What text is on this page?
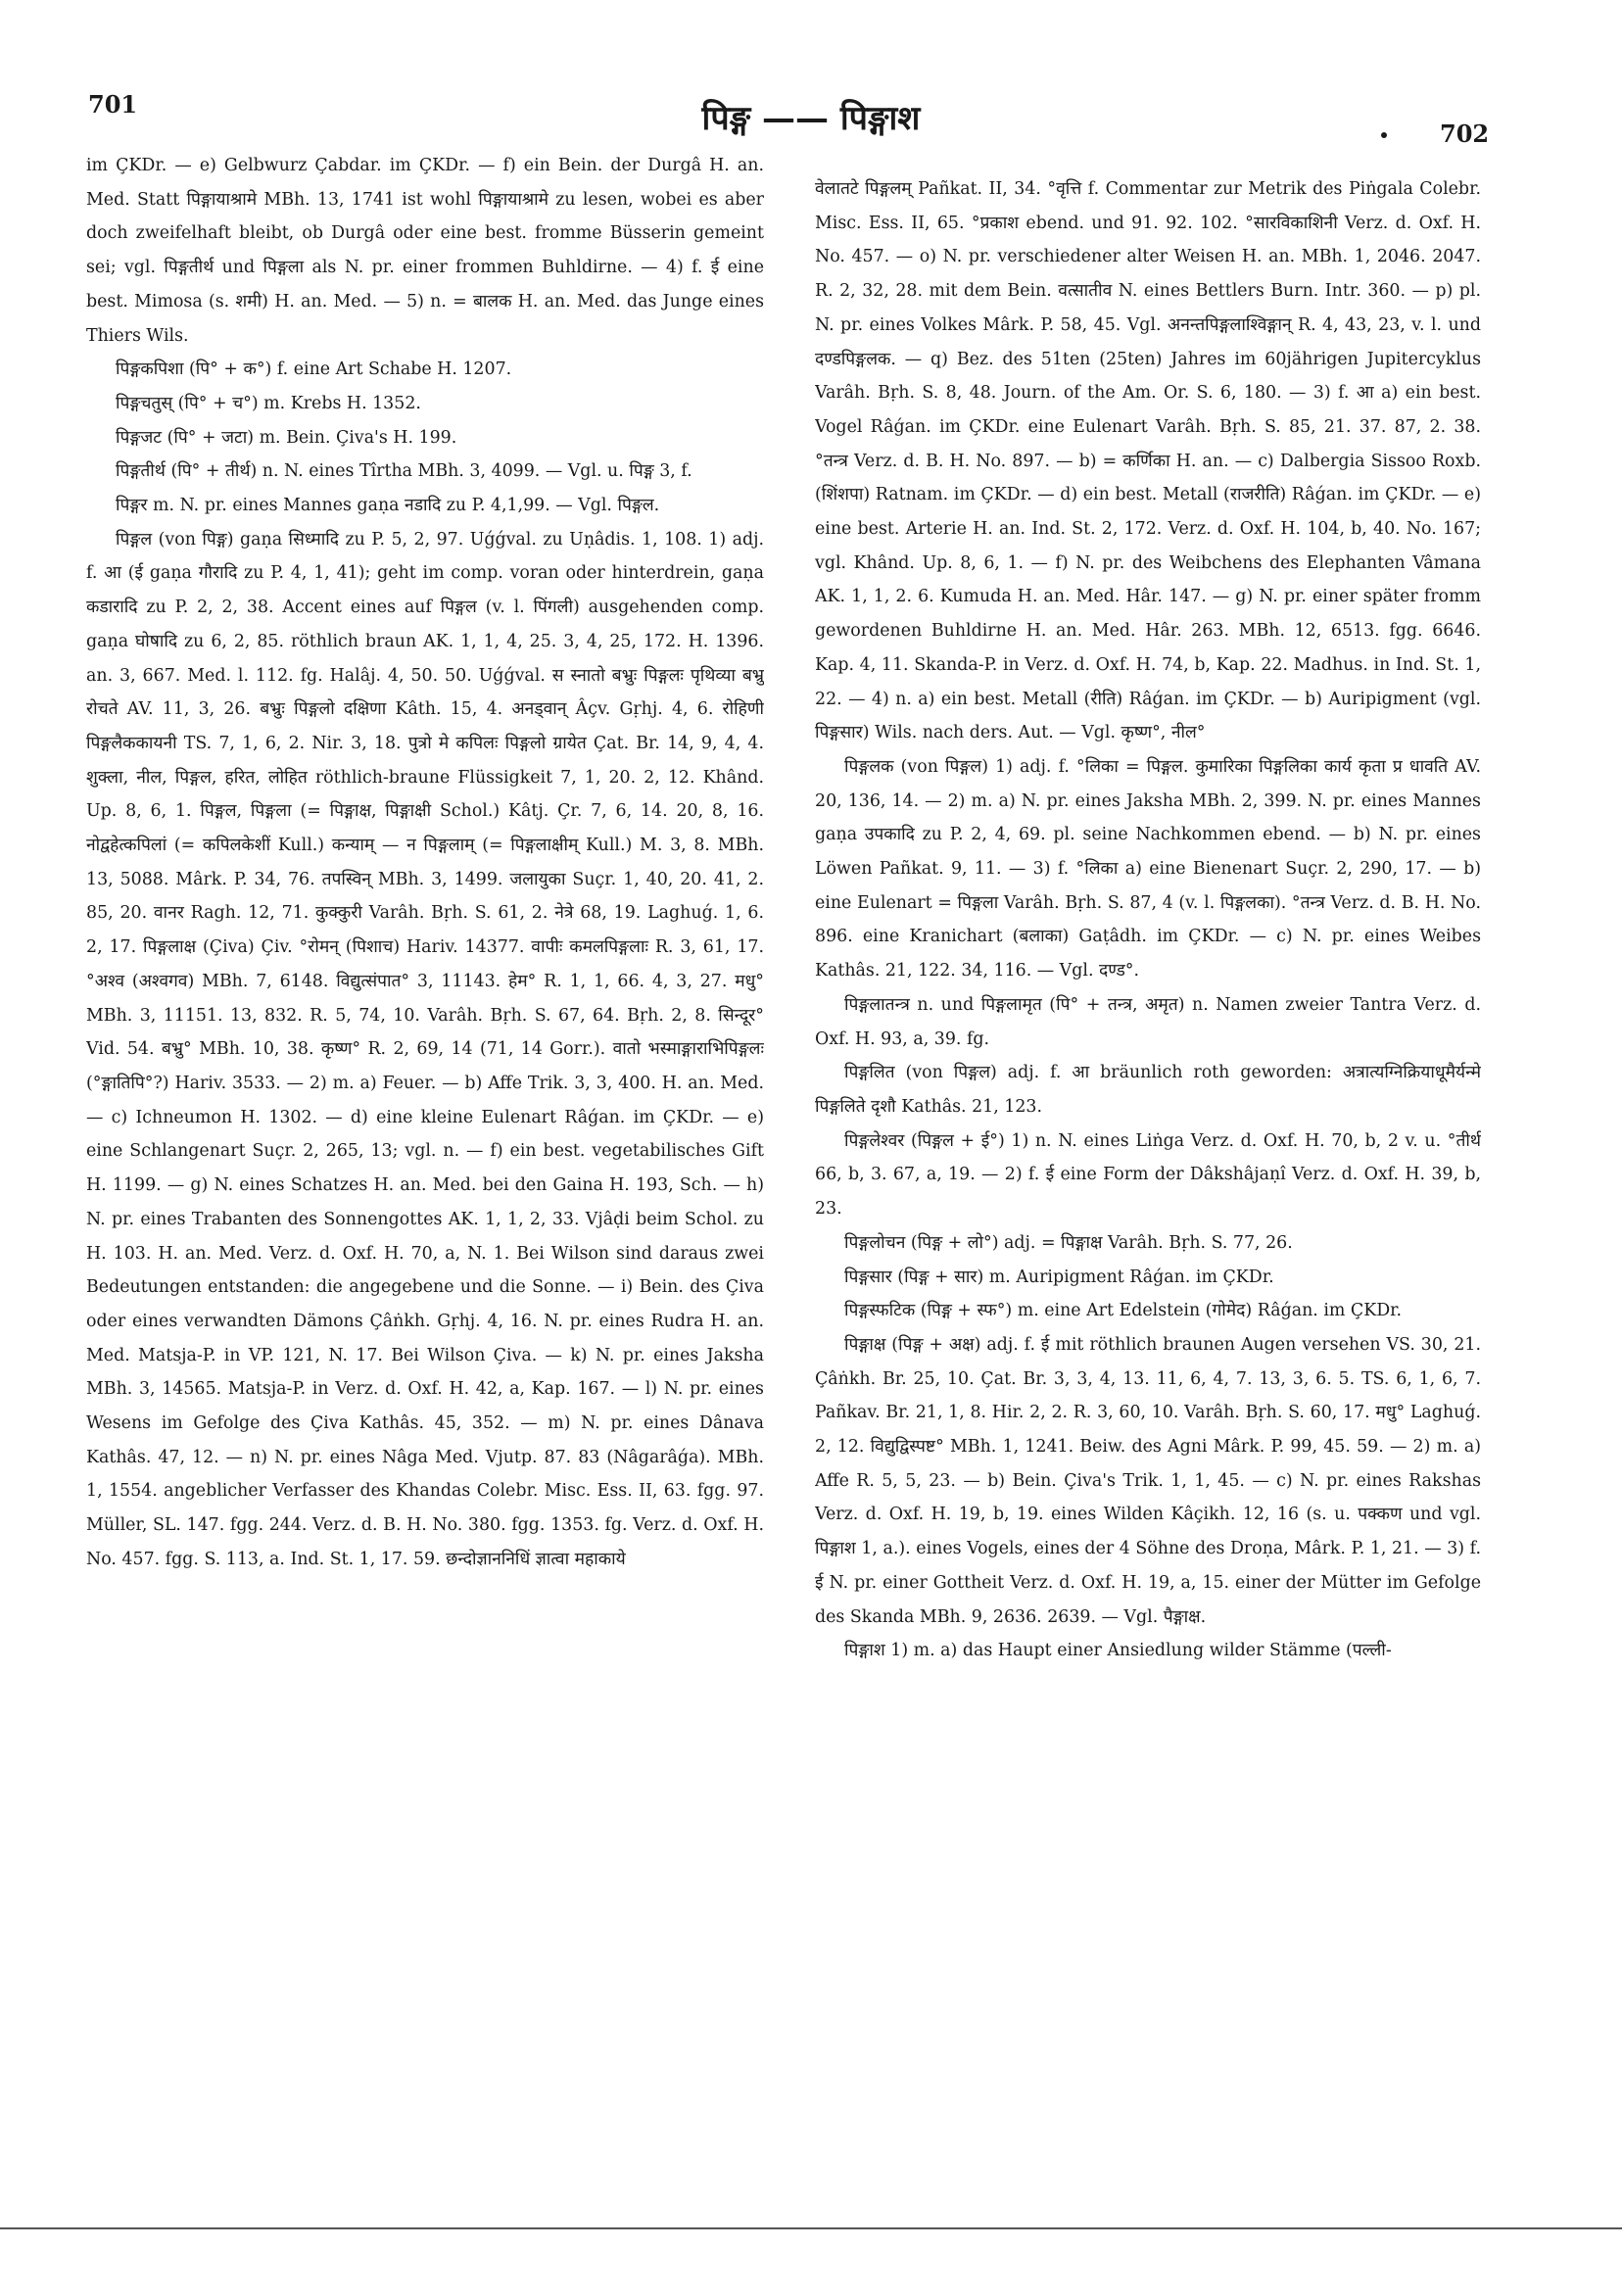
701	पिङ्ग —— पिङ्गाश	702

im ÇKDr. — e) Gelbwurz Çabdar. im ÇKDr. — f) ein Bein. der Durgâ H. an. Med. Statt पिङ्गायाश्रामे MBh. 13, 1741 ist wohl पिङ्गायाश्रामे zu lesen, wobei es aber doch zweifelhaft bleibt, ob Durgâ oder eine best. fromme Büsserin gemeint sei; vgl. पिङ्गतीर्थ und पिङ्गला als N. pr. einer frommen Buhldirne. — 4) f. ई eine best. Mimosa (s. शमी) H. an. Med. — 5) n. = बालक H. an. Med. das Junge eines Thiers Wils.

पिङ्गकपिशा (पि° + क°) f. eine Art Schabe H. 1207.

पिङ्गचतुस् (पि° + च°) m. Krebs H. 1352.

पिङ्गजट (पि° + जटा) m. Bein. Çiva's H. 199.

पिङ्गतीर्थ (पि° + तीर्थ) n. N. eines Tîrtha MBh. 3, 4099. — Vgl. u. पिङ्ग 3, f.

पिङ्गर m. N. pr. eines Mannes gaṇa नडादि zu P. 4,1,99. — Vgl. पिङ्गल.

पिङ्गल (von पिङ्ग) gaṇa सिध्मादि zu P. 5, 2, 97. Uǵǵval. zu Uṇâdis. 1, 108. 1) adj. f. आ (ई gaṇa गौरादि zu P. 4, 1, 41); geht im comp. voran oder hinterdrein, gaṇa कडारादि zu P. 2, 2, 38. Accent eines auf पिङ्गल (v. l. पिंगली) ausgehenden comp. gaṇa घोषादि zu 6, 2, 85. röthlich braun AK. 1, 1, 4, 25. 3, 4, 25, 172. H. 1396. an. 3, 667. Med. l. 112. fg. Halâj. 4, 50. 50. Uǵǵval. स स्नातो बभ्रुः पिङ्गलः पृथिव्या बभ्रु रोचते AV. 11, 3, 26. बभ्रुः पिङ्गलो दक्षिणा Kâth. 15, 4. अनड्वान् Âçv. Gṛhj. 4, 6. रोहिणी पिङ्गलैककायनी TS. 7, 1, 6, 2. Nir. 3, 18. पुत्रो मे कपिलः पिङ्गलो ग्रायेत Çat. Br. 14, 9, 4, 4. शुक्ला, नील, पिङ्गल, हरित, लोहित röthlich-braune Flüssigkeit 7, 1, 20. 2, 12. Khând. Up. 8, 6, 1. पिङ्गल, पिङ्गला (= पिङ्गाक्ष, पिङ्गाक्षी Schol.) Kâtj. Çr. 7, 6, 14. 20, 8, 16. नोद्वहेत्कपिलां (= कपिलकेशीं Kull.) कन्याम् — न पिङ्गलाम् (= पिङ्गलाक्षीम् Kull.) M. 3, 8. MBh. 13, 5088. Mârk. P. 34, 76. तपस्विन् MBh. 3, 1499. जलायुका Suçr. 1, 40, 20. 41, 2. 85, 20. वानर Ragh. 12, 71. कुक्कुरी Varâh. Bṛh. S. 61, 2. नेत्रे 68, 19. Laghuǵ. 1, 6. 2, 17. पिङ्गलाक्ष (Çiva) Çiv. °रोमन् (पिशाच) Hariv. 14377. वापीः कमलपिङ्गलाः R. 3, 61, 17. °अश्व (अश्वगव) MBh. 7, 6148. विद्युत्संपात° 3, 11143. हेम° R. 1, 1, 66. 4, 3, 27. मधु° MBh. 3, 11151. 13, 832. R. 5, 74, 10. Varâh. Bṛh. S. 67, 64. Bṛh. 2, 8. सिन्दूर° Vid. 54. बभ्रु° MBh. 10, 38. कृष्ण° R. 2, 69, 14 (71, 14 Gorr.). वातो भस्माङ्गाराभिपिङ्गलः (°ङ्गातिपि°?) Hariv. 3533. — 2) m. a) Feuer. — b) Affe Trik. 3, 3, 400. H. an. Med. — c) Ichneumon H. 1302. — d) eine kleine Eulenart Râǵan. im ÇKDr. — e) eine Schlangenart Suçr. 2, 265, 13; vgl. n. — f) ein best. vegetabilisches Gift H. 1199. — g) N. eines Schatzes H. an. Med. bei den Gaina H. 193, Sch. — h) N. pr. eines Trabanten des Sonnengottes AK. 1, 1, 2, 33. Vjâḍi beim Schol. zu H. 103. H. an. Med. Verz. d. Oxf. H. 70, a, N. 1. Bei Wilson sind daraus zwei Bedeutungen entstanden: die angegebene und die Sonne. — i) Bein. des Çiva oder eines verwandten Dämons Çâṅkh. Gṛhj. 4, 16. N. pr. eines Rudra H. an. Med. Matsja-P. in VP. 121, N. 17. Bei Wilson Çiva. — k) N. pr. eines Jaksha MBh. 3, 14565. Matsja-P. in Verz. d. Oxf. H. 42, a, Kap. 167. — l) N. pr. eines Wesens im Gefolge des Çiva Kathâs. 45, 352. — m) N. pr. eines Dânava Kathâs. 47, 12. — n) N. pr. eines Nâga Med. Vjutp. 87. 83 (Nâgarâǵa). MBh. 1, 1554. angeblicher Verfasser des Khandas Colebr. Misc. Ess. II, 63. fgg. 97. Müller, SL. 147. fgg. 244. Verz. d. B. H. No. 380. fgg. 1353. fg. Verz. d. Oxf. H. No. 457. fgg. S. 113, a. Ind. St. 1, 17. 59. छन्दोज्ञाननिधिं ज्ञात्वा महाकाये

वेलातटे पिङ्गलम् Pañkat. II, 34. °वृत्ति f. Commentar zur Metrik des Piṅgala Colebr. Misc. Ess. II, 65. °प्रकाश ebend. und 91. 92. 102. °सारविकाशिनी Verz. d. Oxf. H. No. 457. — o) N. pr. verschiedener alter Weisen H. an. MBh. 1, 2046. 2047. R. 2, 32, 28. mit dem Bein. वत्सातीव N. eines Bettlers Burn. Intr. 360. — p) pl. N. pr. eines Volkes Mârk. P. 58, 45. Vgl. अनन्तपिङ्गलाश्विङ्गान् R. 4, 43, 23, v. l. und दण्डपिङ्गलक. — q) Bez. des 51ten (25ten) Jahres im 60jährigen Jupitercyklus Varâh. Bṛh. S. 8, 48. Journ. of the Am. Or. S. 6, 180. — 3) f. आ a) ein best. Vogel Râǵan. im ÇKDr. eine Eulenart Varâh. Bṛh. S. 85, 21. 37. 87, 2. 38. °तन्त्र Verz. d. B. H. No. 897. — b) = कर्णिका H. an. — c) Dalbergia Sissoo Roxb. (शिंशपा) Ratnam. im ÇKDr. — d) ein best. Metall (राजरीति) Râǵan. im ÇKDr. — e) eine best. Arterie H. an. Ind. St. 2, 172. Verz. d. Oxf. H. 104, b, 40. No. 167; vgl. Khând. Up. 8, 6, 1. — f) N. pr. des Weibchens des Elephanten Vâmana AK. 1, 1, 2. 6. Kumuda H. an. Med. Hâr. 147. — g) N. pr. einer später fromm gewordenen Buhldirne H. an. Med. Hâr. 263. MBh. 12, 6513. fgg. 6646. Kap. 4, 11. Skanda-P. in Verz. d. Oxf. H. 74, b, Kap. 22. Madhus. in Ind. St. 1, 22. — 4) n. a) ein best. Metall (रीति) Râǵan. im ÇKDr. — b) Auripigment (vgl. पिङ्गसार) Wils. nach ders. Aut. — Vgl. कृष्ण°, नील°

पिङ्गलक (von पिङ्गल) 1) adj. f. °लिका = पिङ्गल. कुमारिका पिङ्गलिका कार्य कृता प्र धावति AV. 20, 136, 14. — 2) m. a) N. pr. eines Jaksha MBh. 2, 399. N. pr. eines Mannes gaṇa उपकादि zu P. 2, 4, 69. pl. seine Nachkommen ebend. — b) N. pr. eines Löwen Pañkat. 9, 11. — 3) f. °लिका a) eine Bienenart Suçr. 2, 290, 17. — b) eine Eulenart = पिङ्गला Varâh. Bṛh. S. 87, 4 (v. l. पिङ्गलका). °तन्त्र Verz. d. B. H. No. 896. eine Kranichart (बलाका) Gaṭâdh. im ÇKDr. — c) N. pr. eines Weibes Kathâs. 21, 122. 34, 116. — Vgl. दण्ड°.

पिङ्गलातन्त्र n. und पिङ्गलामृत (पि° + तन्त्र, अमृत) n. Namen zweier Tantra Verz. d. Oxf. H. 93, a, 39. fg.

पिङ्गलित (von पिङ्गल) adj. f. आ bräunlich roth geworden: अत्रात्यग्निक्रियाधूमैर्यन्मे पिङ्गलिते दृशौ Kathâs. 21, 123.

पिङ्गलेश्वर (पिङ्गल + ई°) 1) n. N. eines Liṅga Verz. d. Oxf. H. 70, b, 2 v. u. °तीर्थ 66, b, 3. 67, a, 19. — 2) f. ई eine Form der Dâkshâjaṇî Verz. d. Oxf. H. 39, b, 23.

पिङ्गलोचन (पिङ्ग + लो°) adj. = पिङ्गाक्ष Varâh. Bṛh. S. 77, 26.

पिङ्गसार (पिङ्ग + सार) m. Auripigment Râǵan. im ÇKDr.

पिङ्गस्फटिक (पिङ्ग + स्फ°) m. eine Art Edelstein (गोमेद) Râǵan. im ÇKDr.

पिङ्गाक्ष (पिङ्ग + अक्ष) adj. f. ई mit röthlich braunen Augen versehen VS. 30, 21. Çâṅkh. Br. 25, 10. Çat. Br. 3, 3, 4, 13. 11, 6, 4, 7. 13, 3, 6. 5. TS. 6, 1, 6, 7. Pañkav. Br. 21, 1, 8. Hir. 2, 2. R. 3, 60, 10. Varâh. Bṛh. S. 60, 17. मधु° Laghuǵ. 2, 12. विद्युद्विस्पष्ट° MBh. 1, 1241. Beiw. des Agni Mârk. P. 99, 45. 59. — 2) m. a) Affe R. 5, 5, 23. — b) Bein. Çiva's Trik. 1, 1, 45. — c) N. pr. eines Rakshas Verz. d. Oxf. H. 19, b, 19. eines Wilden Kâçikh. 12, 16 (s. u. पक्कण und vgl. पिङ्गाश 1, a.). eines Vogels, eines der 4 Söhne des Droṇa, Mârk. P. 1, 21. — 3) f. ई N. pr. einer Gottheit Verz. d. Oxf. H. 19, a, 15. einer der Mütter im Gefolge des Skanda MBh. 9, 2636. 2639. — Vgl. पैङ्गाक्ष.

पिङ्गाश 1) m. a) das Haupt einer Ansiedlung wilder Stämme (पल्ली-
